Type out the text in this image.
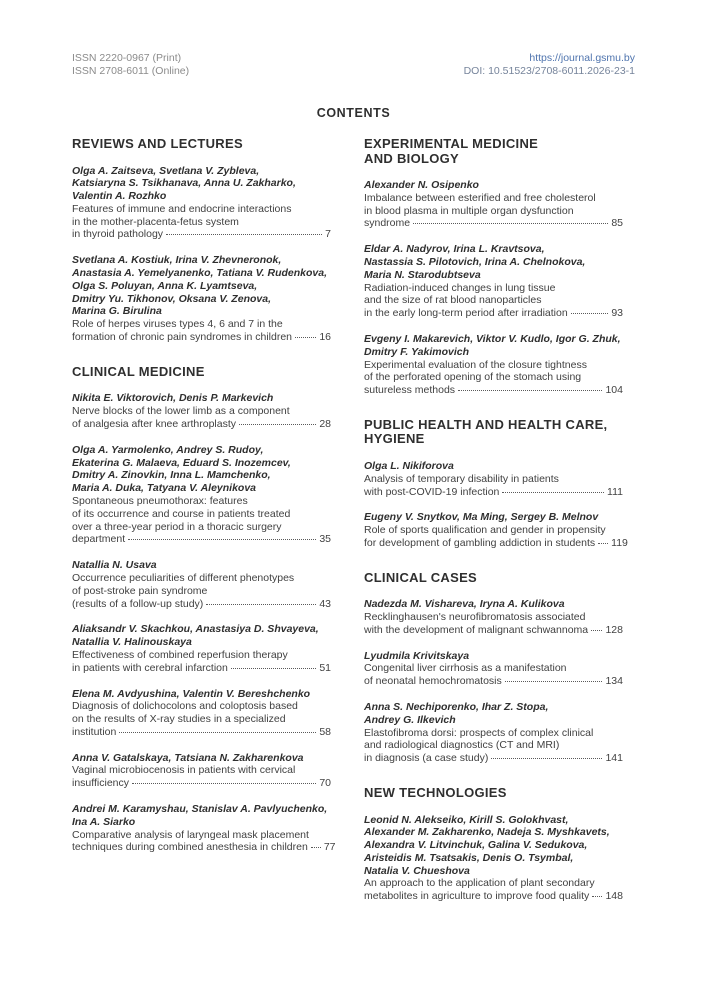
ISSN 2220-0967 (Print)
ISSN 2708-6011 (Online)
https://journal.gsmu.by
DOI: 10.51523/2708-6011.2026-23-1
CONTENTS
REVIEWS AND LECTURES
Olga A. Zaitseva, Svetlana V. Zybleva,
Katsiaryna S. Tsikhanava, Anna U. Zakharko,
Valentin A. Rozhko
Features of immune and endocrine interactions
in the mother-placenta-fetus system
in thyroid pathology	7
Svetlana A. Kostiuk, Irina V. Zhevneronok,
Anastasia A. Yemelyanenko, Tatiana V. Rudenkova,
Olga S. Poluyan, Anna K. Lyamtseva,
Dmitry Yu. Tikhonov, Oksana V. Zenova,
Marina G. Birulina
Role of herpes viruses types 4, 6 and 7 in the
formation of chronic pain syndromes in children	16
CLINICAL MEDICINE
Nikita E. Viktorovich, Denis P. Markevich
Nerve blocks of the lower limb as a component
of analgesia after knee arthroplasty	28
Olga A. Yarmolenko, Andrey S. Rudoy,
Ekaterina G. Malaeva, Eduard S. Inozemcev,
Dmitry A. Zinovkin, Inna L. Mamchenko,
Maria A. Duka, Tatyana V. Aleynikova
Spontaneous pneumothorax: features
of its occurrence and course in patients treated
over a three-year period in a thoracic surgery
department	35
Natallia N. Usava
Occurrence peculiarities of different phenotypes
of post-stroke pain syndrome
(results of a follow-up study)	43
Aliaksandr V. Skachkou, Anastasiya D. Shvayeva,
Natallia V. Halinouskaya
Effectiveness of combined reperfusion therapy
in patients with cerebral infarction	51
Elena M. Avdyushina, Valentin V. Bereshchenko
Diagnosis of dolichocolons and coloptosis based
on the results of X-ray studies in a specialized
institution	58
Anna V. Gatalskaya, Tatsiana N. Zakharenkova
Vaginal microbiocenosis in patients with cervical
insufficiency	70
Andrei M. Karamyshau, Stanislav A. Pavlyuchenko,
Ina A. Siarko
Comparative analysis of laryngeal mask placement
techniques during combined anesthesia in children 77
EXPERIMENTAL MEDICINE
AND BIOLOGY
Alexander N. Osipenko
Imbalance between esterified and free cholesterol
in blood plasma in multiple organ dysfunction
syndrome	85
Eldar A. Nadyrov, Irina L. Kravtsova,
Nastassia S. Pilotovich, Irina A. Chelnokova,
Maria N. Starodubtseva
Radiation-induced changes in lung tissue
and the size of rat blood nanoparticles
in the early long-term period after irradiation	93
Evgeny I. Makarevich, Viktor V. Kudlo, Igor G. Zhuk,
Dmitry F. Yakimovich
Experimental evaluation of the closure tightness
of the perforated opening of the stomach using
sutureless methods	104
PUBLIC HEALTH AND HEALTH CARE,
HYGIENE
Olga L. Nikiforova
Analysis of temporary disability in patients
with post-COVID-19 infection	111
Eugeny V. Snytkov, Ma Ming, Sergey B. Melnov
Role of sports qualification and gender in propensity
for development of gambling addiction in students 119
CLINICAL CASES
Nadezda M. Vishareva, Iryna A. Kulikova
Recklinghausen's neurofibromatosis associated
with the development of malignant schwannoma 128
Lyudmila Krivitskaya
Congenital liver cirrhosis as a manifestation
of neonatal hemochromatosis	134
Anna S. Nechiporenko, Ihar Z. Stopa,
Andrey G. Ilkevich
Elastofibroma dorsi: prospects of complex clinical
and radiological diagnostics (CT and MRI)
in diagnosis (a case study)	141
NEW TECHNOLOGIES
Leonid N. Alekseiko, Kirill S. Golokhvast,
Alexander M. Zakharenko, Nadeja S. Myshkavets,
Alexandra V. Litvinchuk, Galina V. Sedukova,
Aristeidis M. Tsatsakis, Denis O. Tsymbal,
Natalia V. Chueshova
An approach to the application of plant secondary
metabolites in agriculture to improve food quality 148
